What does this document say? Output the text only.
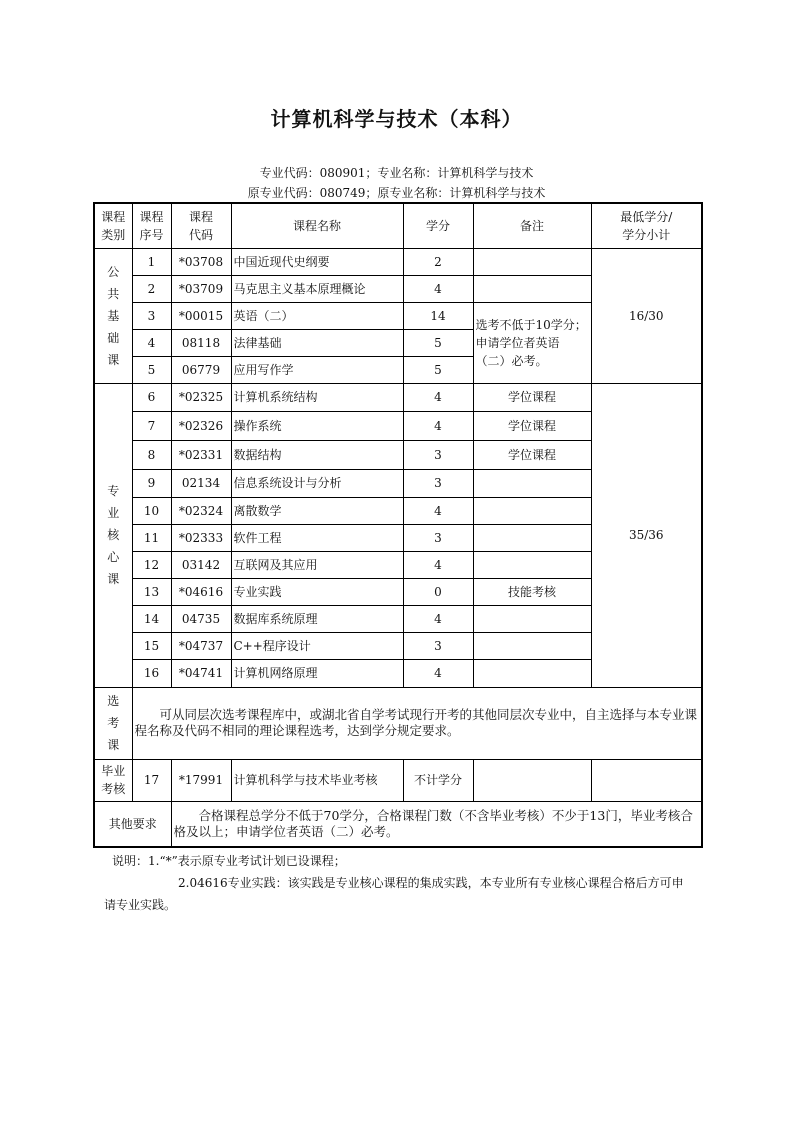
计算机科学与技术（本科）
专业代码：080901；专业名称：计算机科学与技术
原专业代码：080749；原专业名称：计算机科学与技术
课程类别	课程序号	课程代码	课程名称	学分	备注	最低学分/学分小计

公共基础课	1	*03708	中国近现代史纲要	2		16/30
	2	*03709	马克思主义基本原理概论	4		
	3	*00015	英语（二）	14	选考不低于10学分；申请学位者英语（二）必考。	

	4	08118	法律基础	5		
	5	06779	应用写作学	5		

专业核心课	6	*02325	计算机系统结构	4	学位课程	35/36
	7	*02326	操作系统	4	学位课程	
	8	*02331	数据结构	3	学位课程	
	9	02134	信息系统设计与分析	3		
	10	*02324	离散数学	4		
	11	*02333	软件工程	3		
	12	03142	互联网及其应用	4		
	13	*04616	专业实践	0	技能考核	
	14	04735	数据库系统原理	4		
	15	*04737	C++程序设计	3		
	16	*04741	计算机网络原理	4		

选考课	可从同层次选考课程库中，或湖北省自学考试现行开考的其他同层次专业中，自主选择与本专业课程名称及代码不相同的理论课程选考，达到学分规定要求。					

毕业考核	17	*17991	计算机科学与技术毕业考核	不计学分		
其他要求		合格课程总学分不低于70学分，合格课程门数（不含毕业考核）不少于13门，毕业考核合格及以上；申请学位者英语（二）必考。				
说明：1.“*”表示原专业考试计划已设课程；
2.04616专业实践：该实践是专业核心课程的集成实践，本专业所有专业核心课程合格后方可申
请专业实践。
